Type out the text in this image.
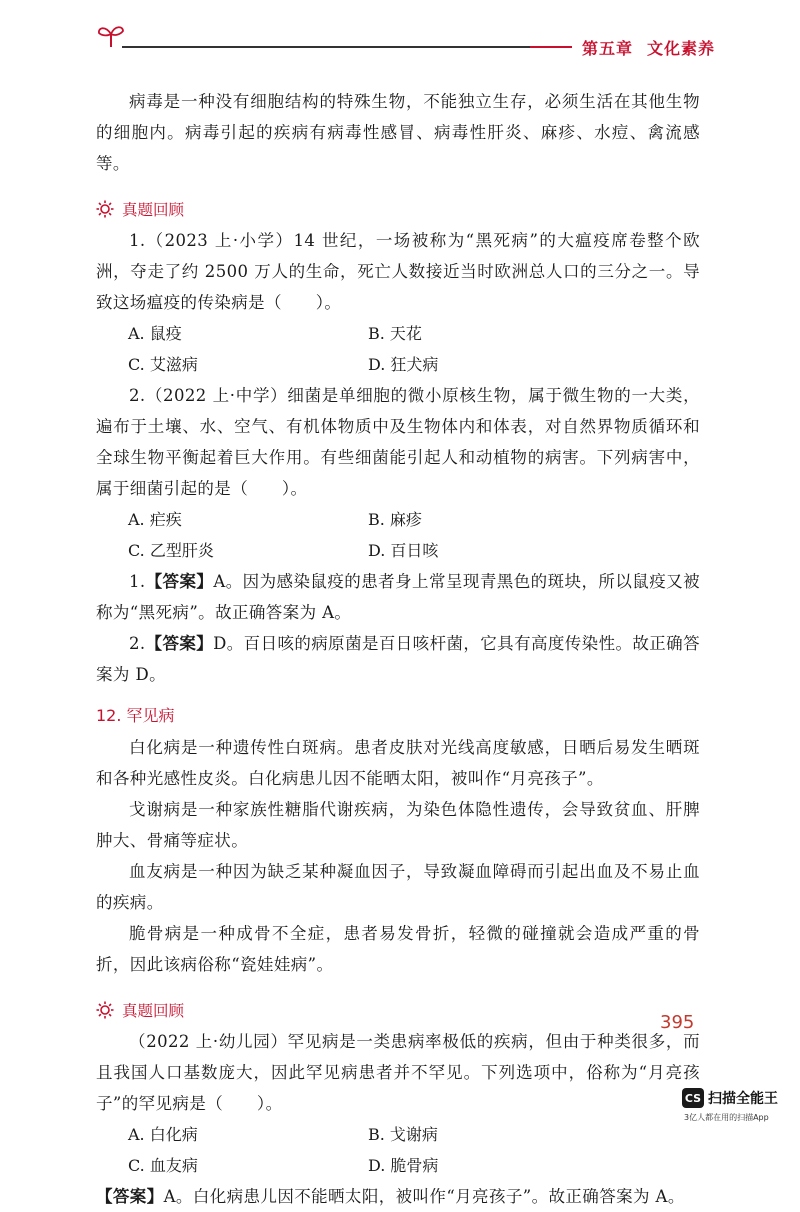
第五章 文化素养

病毒是一种没有细胞结构的特殊生物，不能独立生存，必须生活在其他生物的细胞内。病毒引起的疾病有病毒性感冒、病毒性肝炎、麻疹、水痘、禽流感等。

真题回顾

1.（2023 上·小学）14 世纪，一场被称为“黑死病”的大瘟疫席卷整个欧洲，夺走了约 2500 万人的生命，死亡人数接近当时欧洲总人口的三分之一。导致这场瘟疫的传染病是（　　）。

A. 鼠疫	B. 天花
C. 艾滋病	D. 狂犬病

2.（2022 上·中学）细菌是单细胞的微小原核生物，属于微生物的一大类，遍布于土壤、水、空气、有机体物质中及生物体内和体表，对自然界物质循环和全球生物平衡起着巨大作用。有些细菌能引起人和动植物的病害。下列病害中，属于细菌引起的是（　　）。

A. 疟疾	B. 麻疹
C. 乙型肝炎	D. 百日咳

1.【答案】A。因为感染鼠疫的患者身上常呈现青黑色的斑块，所以鼠疫又被称为“黑死病”。故正确答案为 A。

2.【答案】D。百日咳的病原菌是百日咳杆菌，它具有高度传染性。故正确答案为 D。

12. 罕见病

白化病是一种遗传性白斑病。患者皮肤对光线高度敏感，日晒后易发生晒斑和各种光感性皮炎。白化病患儿因不能晒太阳，被叫作“月亮孩子”。

戈谢病是一种家族性糖脂代谢疾病，为染色体隐性遗传，会导致贫血、肝脾肿大、骨痛等症状。

血友病是一种因为缺乏某种凝血因子，导致凝血障碍而引起出血及不易止血的疾病。

脆骨病是一种成骨不全症，患者易发骨折，轻微的碰撞就会造成严重的骨折，因此该病俗称“瓷娃娃病”。

真题回顾

（2022 上·幼儿园）罕见病是一类患病率极低的疾病，但由于种类很多，而且我国人口基数庞大，因此罕见病患者并不罕见。下列选项中，俗称为“月亮孩子”的罕见病是（　　）。

A. 白化病	B. 戈谢病
C. 血友病	D. 脆骨病

【答案】A。白化病患儿因不能晒太阳，被叫作“月亮孩子”。故正确答案为 A。

395
CS 扫描全能王
3亿人都在用的扫描App
